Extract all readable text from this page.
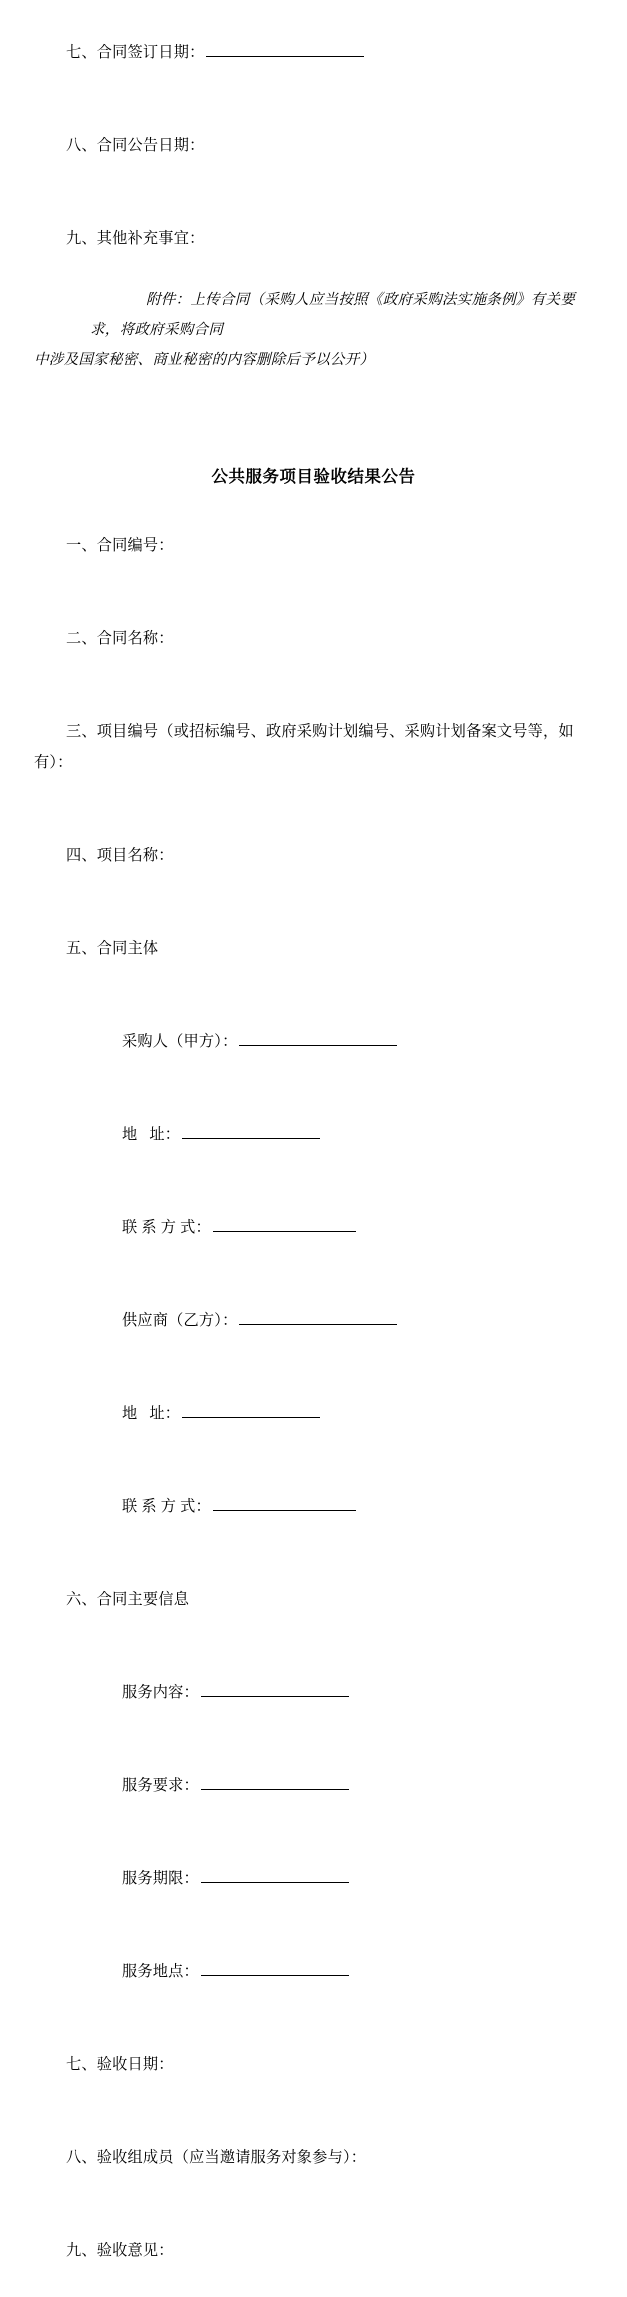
七、合同签订日期：

八、合同公告日期：

九、其他补充事宜：

附件：上传合同（采购人应当按照《政府采购法实施条例》有关要求，将政府采购合同
中涉及国家秘密、商业秘密的内容删除后予以公开）
公共服务项目验收结果公告

一、合同编号：

二、合同名称：

三、项目编号（或招标编号、政府采购计划编号、采购计划备案文号等，如有）：

四、项目名称：

五、合同主体

采购人（甲方）：

地   址：

联 系 方 式：

供应商（乙方）：

地   址：

联 系 方 式：

六、合同主要信息

服务内容：

服务要求：

服务期限：

服务地点：

七、验收日期：

八、验收组成员（应当邀请服务对象参与）：

九、验收意见：
